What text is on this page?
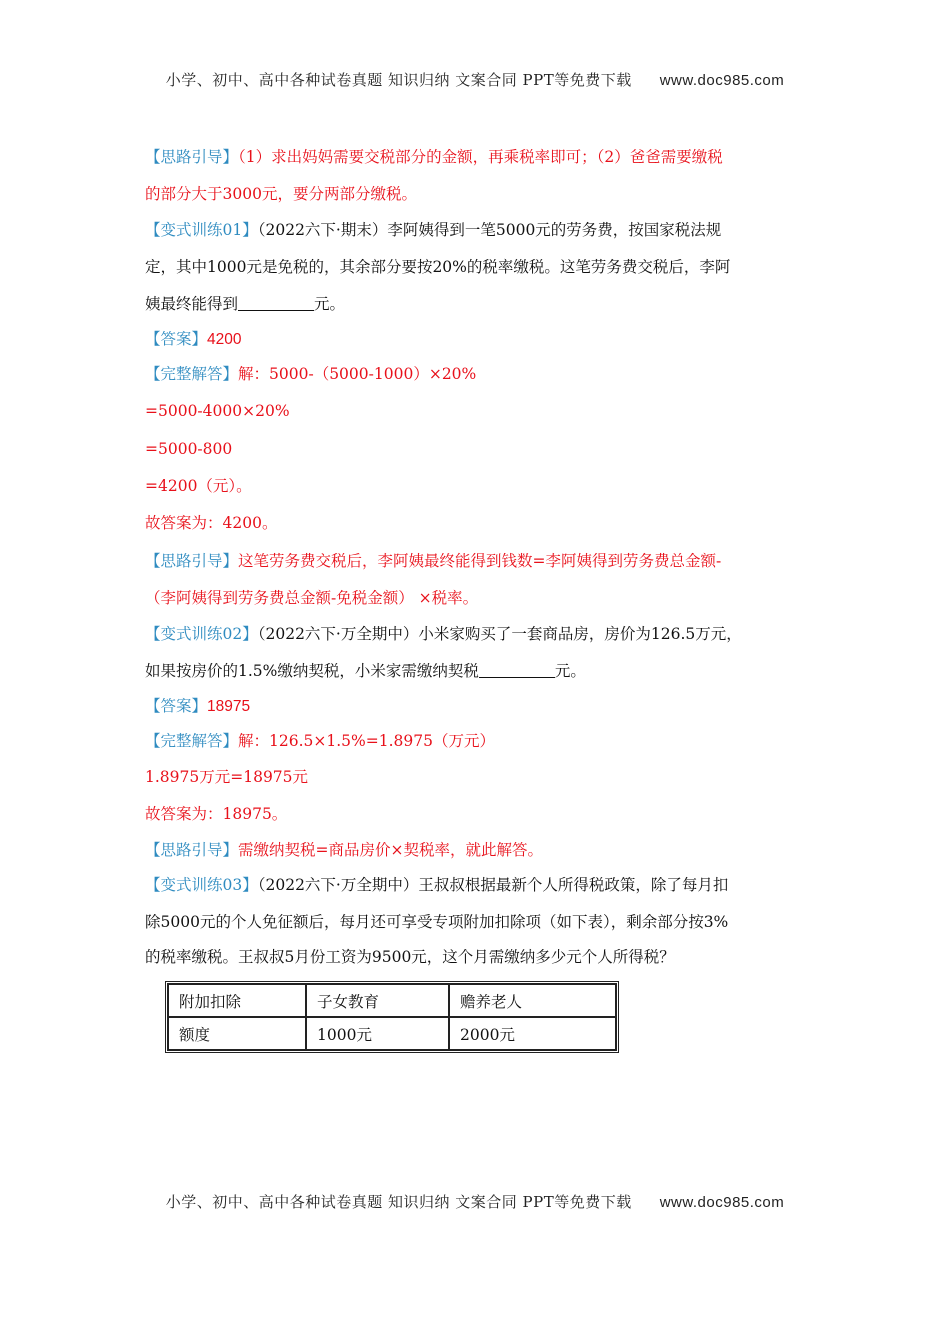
小学、初中、高中各种试卷真题 知识归纳 文案合同 PPT等免费下载 www.doc985.com
【思路引导】（1）求出妈妈需要交税部分的金额，再乘税率即可；（2）爸爸需要缴税
的部分大于3000元，要分两部分缴税。
【变式训练01】（2022六下·期末）李阿姨得到一笔5000元的劳务费，按国家税法规
定，其中1000元是免税的，其余部分要按20%的税率缴税。这笔劳务费交税后，李阿
姨最终能得到	元。
【答案】4200
【完整解答】解：5000-（5000-1000）×20%
=5000-4000×20%
=5000-800
=4200（元）。
故答案为：4200。
【思路引导】这笔劳务费交税后，李阿姨最终能得到钱数=李阿姨得到劳务费总金额-
（李阿姨得到劳务费总金额-免税金额） ×税率。
【变式训练02】（2022六下·万全期中）小米家购买了一套商品房，房价为126.5万元，
如果按房价的1.5%缴纳契税，小米家需缴纳契税	元。
【答案】18975
【完整解答】解：126.5×1.5%=1.8975（万元）
1.8975万元=18975元
故答案为：18975。
【思路引导】需缴纳契税=商品房价×契税率，就此解答。
【变式训练03】（2022六下·万全期中）王叔叔根据最新个人所得税政策，除了每月扣
除5000元的个人免征额后，每月还可享受专项附加扣除项（如下表），剩余部分按3%
的税率缴税。王叔叔5月份工资为9500元，这个月需缴纳多少元个人所得税？
附加扣除	子女教育	赡养老人
额度	1000元	2000元
小学、初中、高中各种试卷真题 知识归纳 文案合同 PPT等免费下载 www.doc985.com
